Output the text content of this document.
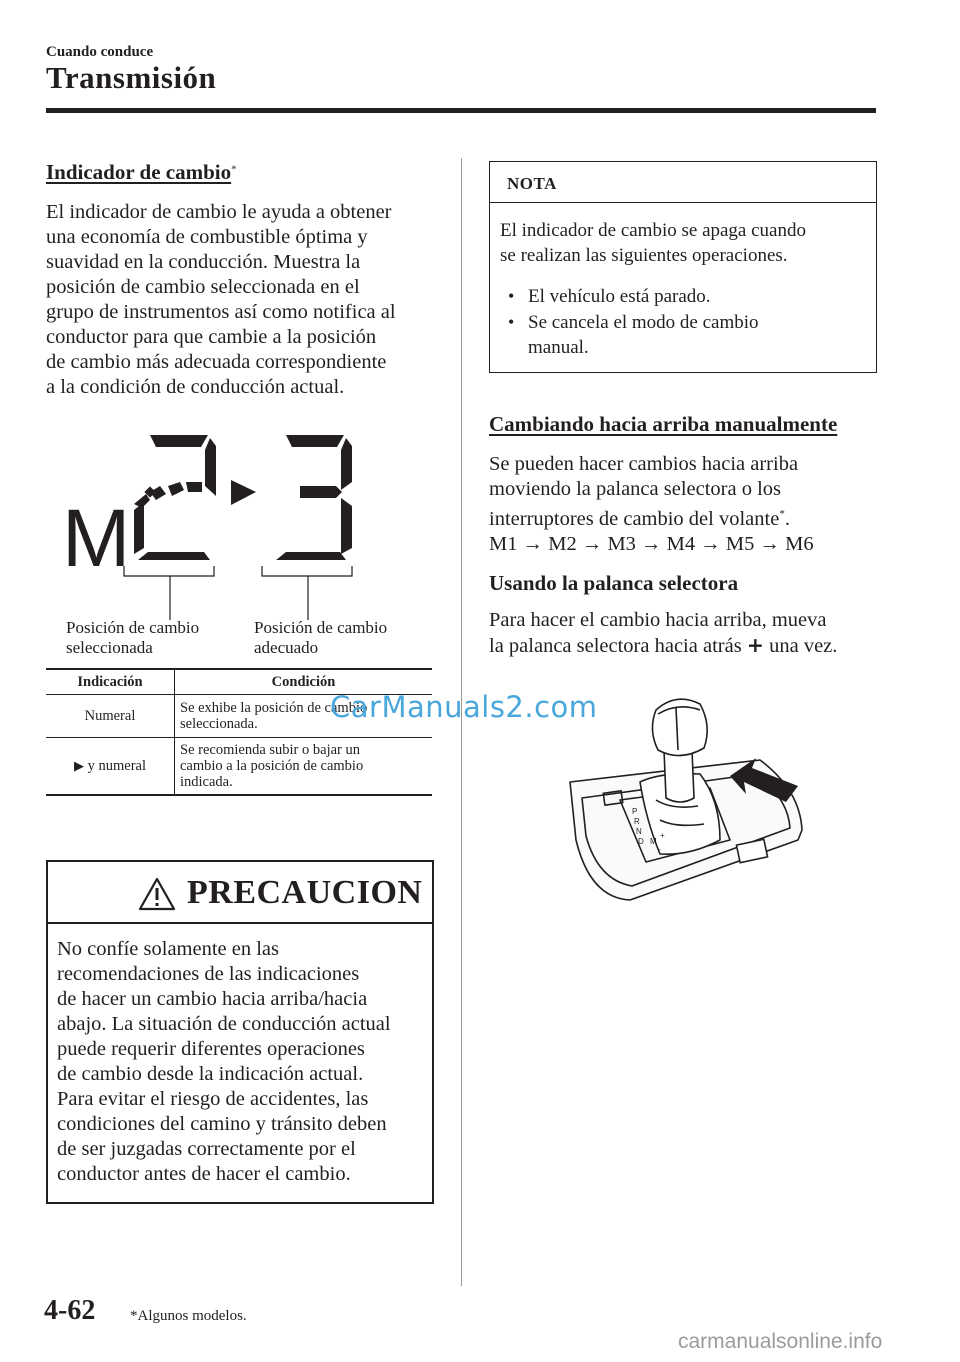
Cuando conduce
Transmisión
Indicador de cambio*
El indicador de cambio le ayuda a obtener
una economía de combustible óptima y
suavidad en la conducción. Muestra la
posición de cambio seleccionada en el
grupo de instrumentos así como notifica al
conductor para que cambie a la posición
de cambio más adecuada correspondiente
a la condición de conducción actual.
M
Posición de cambio
seleccionada
Posición de cambio
adecuado
Indicación	Condición
Numeral	Se exhibe la posición de cambio
seleccionada.

▶ y numeral	Se recomienda subir o bajar un
cambio a la posición de cambio
indicada.
PRECAUCION
No confíe solamente en las
recomendaciones de las indicaciones
de hacer un cambio hacia arriba/hacia
abajo. La situación de conducción actual
puede requerir diferentes operaciones
de cambio desde la indicación actual.
Para evitar el riesgo de accidentes, las
condiciones del camino y tránsito deben
de ser juzgadas correctamente por el
conductor antes de hacer el cambio.
NOTA
El indicador de cambio se apaga cuando
se realizan las siguientes operaciones.
• El vehículo está parado.
• Se cancela el modo de cambio
manual.
Cambiando hacia arriba manualmente
Se pueden hacer cambios hacia arriba
moviendo la palanca selectora o los
interruptores de cambio del volante*.
M1 → M2 → M3 → M4 → M5 → M6
Usando la palanca selectora
Para hacer el cambio hacia arriba, mueva
la palanca selectora hacia atrás + una vez.
P
R
N
D M
+
-
CarManuals2.com
4-62 *Algunos modelos.
carmanualsonline.info
